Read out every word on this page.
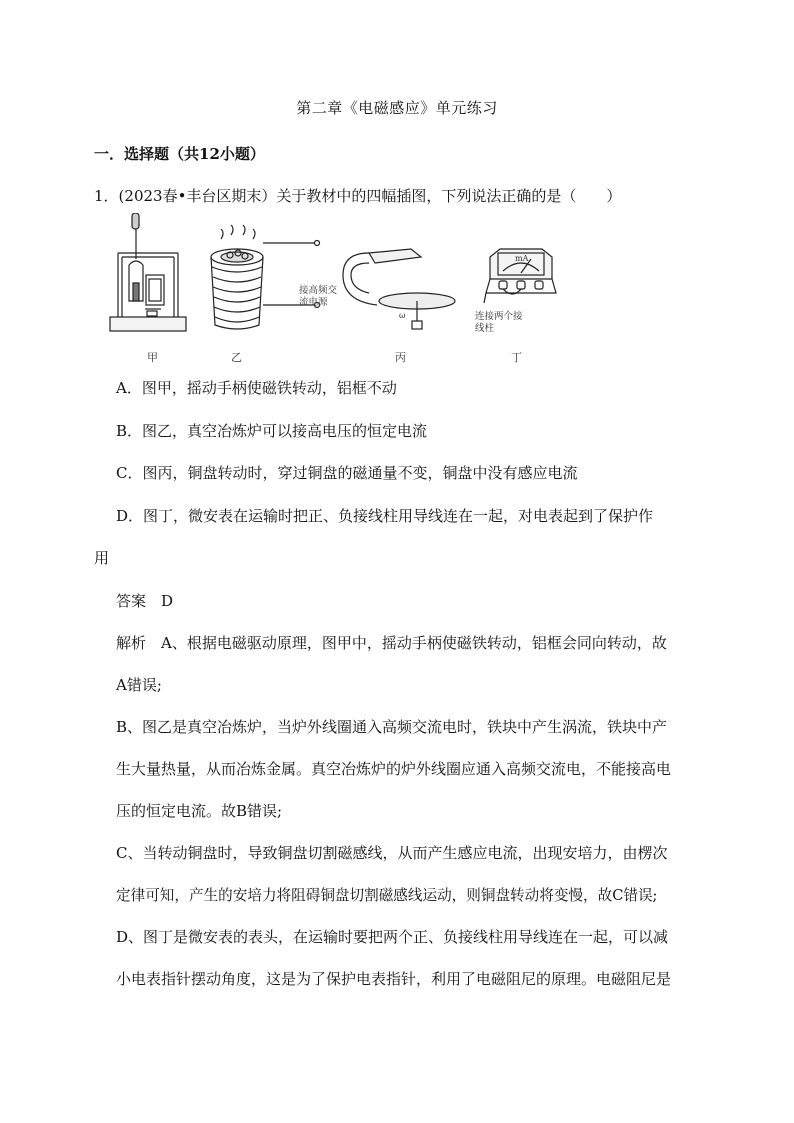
第二章《电磁感应》单元练习
一．选择题（共12小题）
1．(2023春•丰台区期末）关于教材中的四幅插图，下列说法正确的是（　　）
甲	乙	丙	丁
接高频交
流电源
连接两个接
线柱
mA
ω
A．图甲，摇动手柄使磁铁转动，铝框不动
B．图乙，真空冶炼炉可以接高电压的恒定电流
C．图丙，铜盘转动时，穿过铜盘的磁通量不变，铜盘中没有感应电流
D．图丁，微安表在运输时把正、负接线柱用导线连在一起，对电表起到了保护作
用
答案　D
解析　A、根据电磁驱动原理，图甲中，摇动手柄使磁铁转动，铝框会同向转动，故
A错误;
B、图乙是真空冶炼炉，当炉外线圈通入高频交流电时，铁块中产生涡流，铁块中产
生大量热量，从而冶炼金属。真空冶炼炉的炉外线圈应通入高频交流电，不能接高电
压的恒定电流。故B错误;
C、当转动铜盘时，导致铜盘切割磁感线，从而产生感应电流，出现安培力，由楞次
定律可知，产生的安培力将阻碍铜盘切割磁感线运动，则铜盘转动将变慢，故C错误;
D、图丁是微安表的表头，在运输时要把两个正、负接线柱用导线连在一起，可以减
小电表指针摆动角度，这是为了保护电表指针，利用了电磁阻尼的原理。电磁阻尼是
